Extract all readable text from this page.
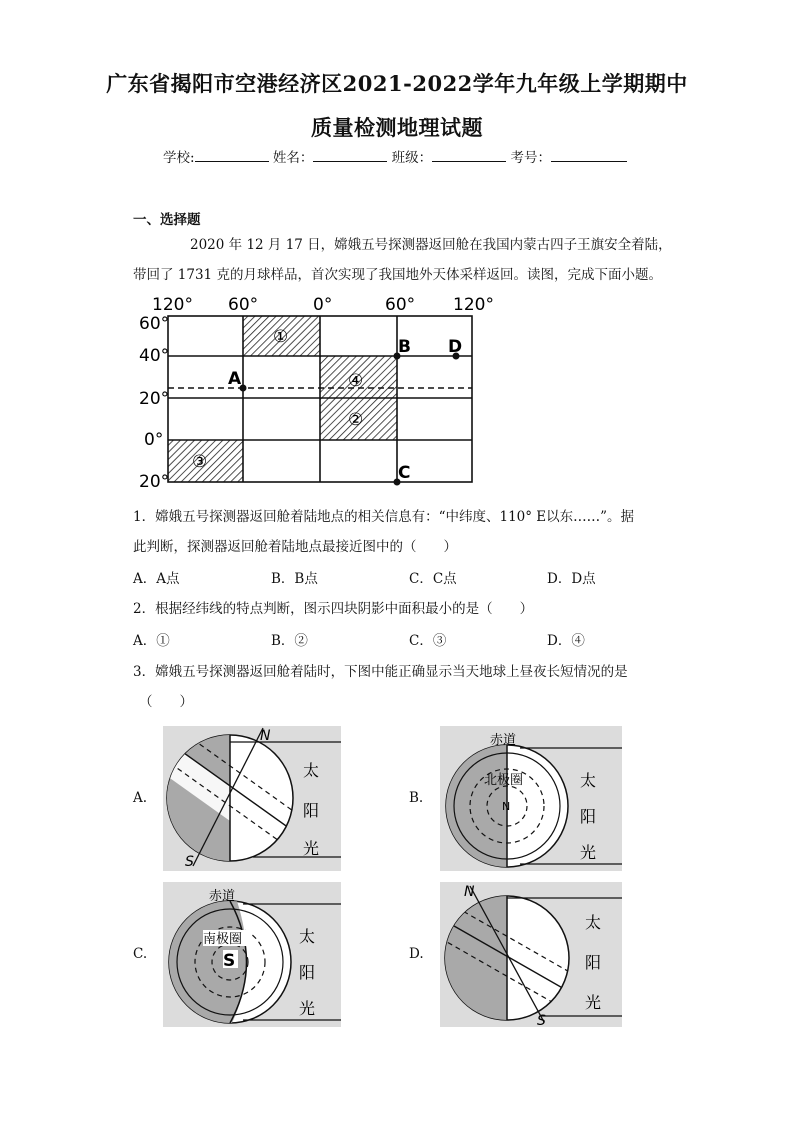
广东省揭阳市空港经济区2021-2022学年九年级上学期期中
质量检测地理试题
学校:	姓名：	班级：	考号：
一、选择题
2020 年 12 月 17 日，嫦娥五号探测器返回舱在我国内蒙古四子王旗安全着陆，
带回了 1731 克的月球样品，首次实现了我国地外天体采样返回。读图，完成下面小题。
120° 60°	0°	60° 120°
60°
40°
20°
0°
20°
A
B
C
D
①
②
③
④
1．嫦娥五号探测器返回舱着陆地点的相关信息有：“中纬度、110° E以东……”。据
此判断，探测器返回舱着陆地点最接近图中的（　　）
A．A点	B．B点	C．C点	D．D点
2．根据经纬线的特点判断，图示四块阴影中面积最小的是（　　）
A．①	B．②	C．③	D．④
3．嫦娥五号探测器返回舱着陆时，下图中能正确显示当天地球上昼夜长短情况的是
（　　）
A.	B.
C.	D.
N
S
太
阳
光
赤道
北极圈
N
太
阳
光
S
赤道
南极圈	太
阳
光
N
S
太
阳
光
